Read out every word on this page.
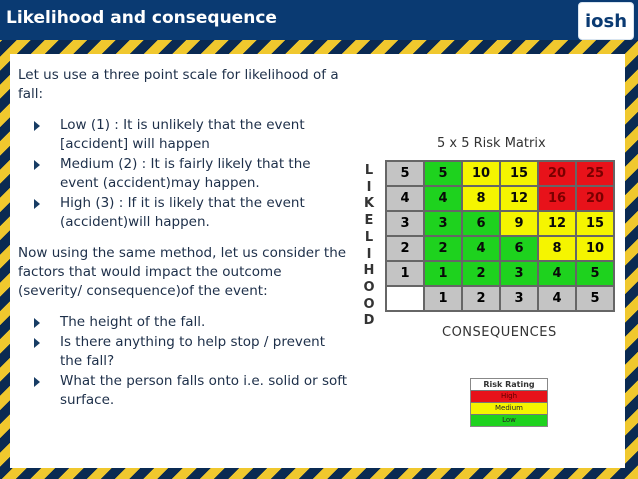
Likelihood and consequence	iosh

Let us use a three point scale for likelihood of a fall:

Low (1) : It is unlikely that the event [accident] will happen
Medium (2) : It is fairly likely that the event (accident)may happen.
High (3) : If it is likely that the event (accident)will happen.

Now using the same method, let us consider the factors that would impact the outcome (severity/ consequence)of the event:

The height of the fall.
Is there anything to help stop / prevent the fall?
What the person falls onto i.e. solid or soft surface.
5 x 5 Risk Matrix
L
I
K
E
L
I
H
O
O
D
5	5	10	15	20	25
4	4	8	12	16	20
3	3	6	9	12	15
2	2	4	6	8	10
1	1	2	3	4	5
	1	2	3	4	5
CONSEQUENCES
Risk Rating
High
Medium
Low
